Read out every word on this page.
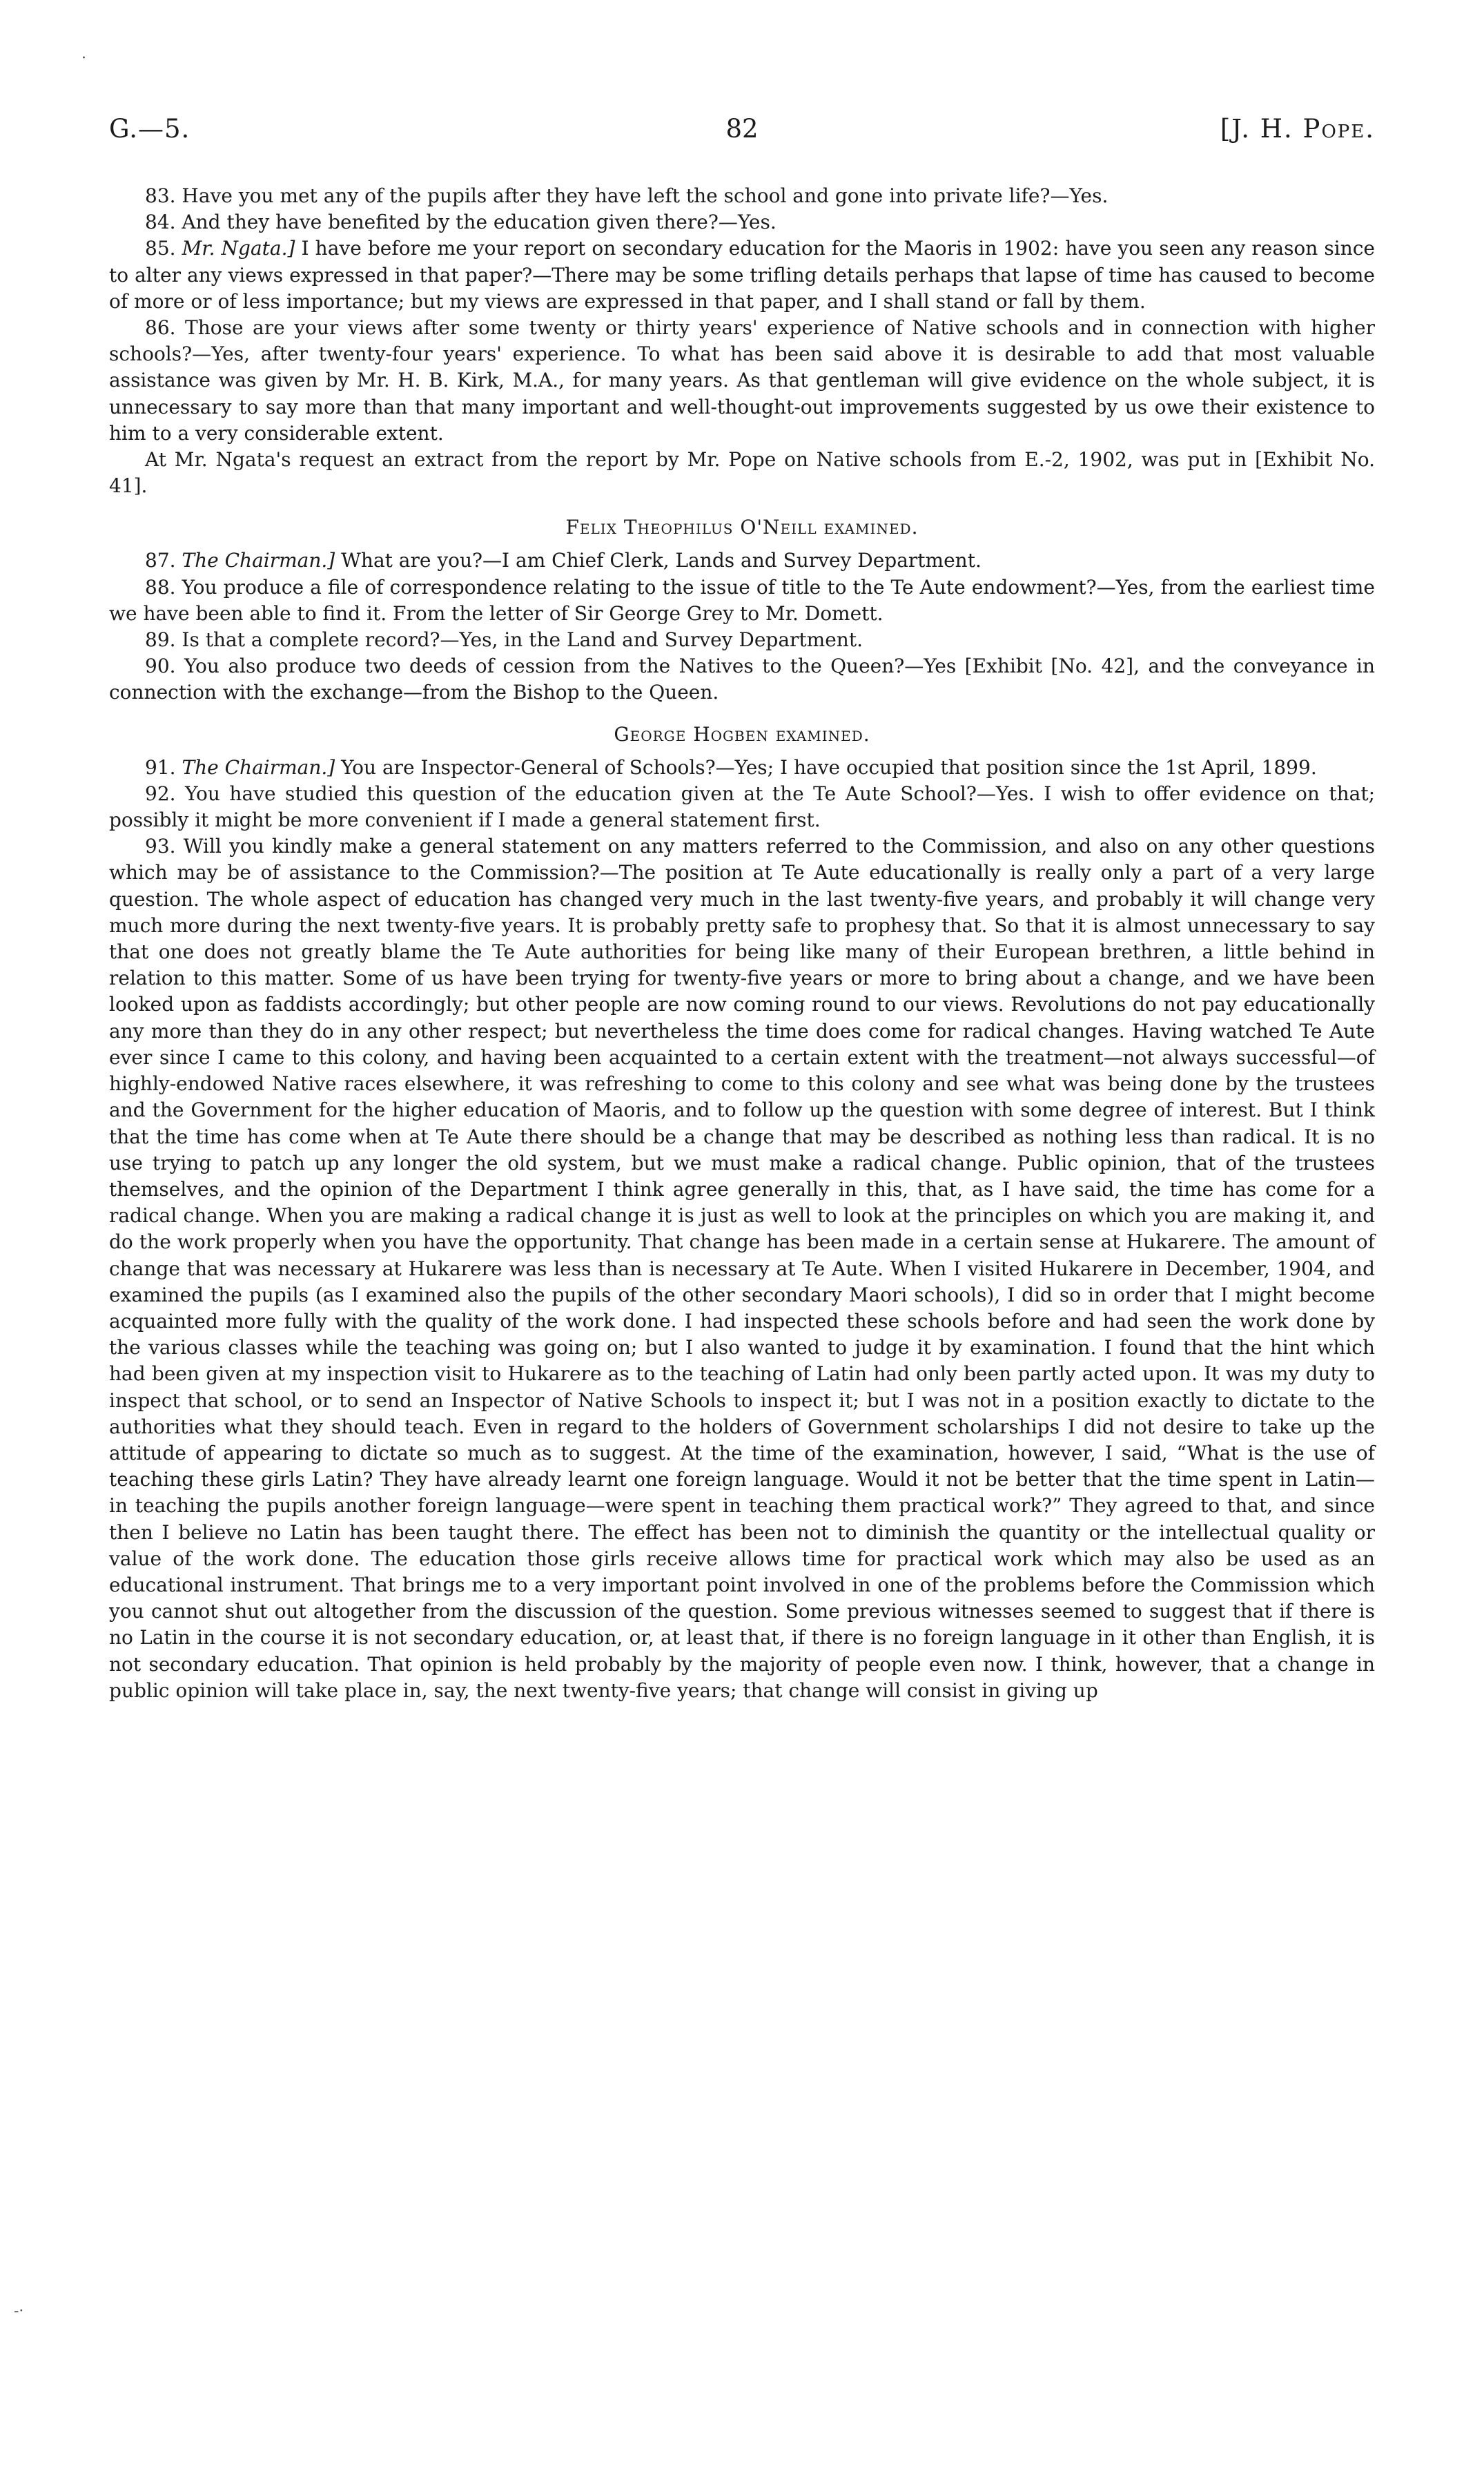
·
G.—5.	82	[J. H. Pope.

83. Have you met any of the pupils after they have left the school and gone into private life?—Yes.

84. And they have benefited by the education given there?—Yes.

85. Mr. Ngata.] I have before me your report on secondary education for the Maoris in 1902: have you seen any reason since to alter any views expressed in that paper?—There may be some trifling details perhaps that lapse of time has caused to become of more or of less importance; but my views are expressed in that paper, and I shall stand or fall by them.

86. Those are your views after some twenty or thirty years' experience of Native schools and in connection with higher schools?—Yes, after twenty-four years' experience. To what has been said above it is desirable to add that most valuable assistance was given by Mr. H. B. Kirk, M.A., for many years. As that gentleman will give evidence on the whole subject, it is unnecessary to say more than that many important and well-thought-out improvements suggested by us owe their existence to him to a very considerable extent.

At Mr. Ngata's request an extract from the report by Mr. Pope on Native schools from E.-2, 1902, was put in [Exhibit No. 41].

Felix Theophilus O'Neill examined.

87. The Chairman.] What are you?—I am Chief Clerk, Lands and Survey Department.

88. You produce a file of correspondence relating to the issue of title to the Te Aute endowment?—Yes, from the earliest time we have been able to find it. From the letter of Sir George Grey to Mr. Domett.

89. Is that a complete record?—Yes, in the Land and Survey Department.

90. You also produce two deeds of cession from the Natives to the Queen?—Yes [Exhibit [No. 42], and the conveyance in connection with the exchange—from the Bishop to the Queen.

George Hogben examined.

91. The Chairman.] You are Inspector-General of Schools?—Yes; I have occupied that position since the 1st April, 1899.

92. You have studied this question of the education given at the Te Aute School?—Yes. I wish to offer evidence on that; possibly it might be more convenient if I made a general statement first.

93. Will you kindly make a general statement on any matters referred to the Commission, and also on any other questions which may be of assistance to the Commission?—The position at Te Aute educationally is really only a part of a very large question. The whole aspect of education has changed very much in the last twenty-five years, and probably it will change very much more during the next twenty-five years. It is probably pretty safe to prophesy that. So that it is almost unnecessary to say that one does not greatly blame the Te Aute authorities for being like many of their European brethren, a little behind in relation to this matter. Some of us have been trying for twenty-five years or more to bring about a change, and we have been looked upon as faddists accordingly; but other people are now coming round to our views. Revolutions do not pay educationally any more than they do in any other respect; but nevertheless the time does come for radical changes. Having watched Te Aute ever since I came to this colony, and having been acquainted to a certain extent with the treatment—not always successful—of highly-endowed Native races elsewhere, it was refreshing to come to this colony and see what was being done by the trustees and the Government for the higher education of Maoris, and to follow up the question with some degree of interest. But I think that the time has come when at Te Aute there should be a change that may be described as nothing less than radical. It is no use trying to patch up any longer the old system, but we must make a radical change. Public opinion, that of the trustees themselves, and the opinion of the Department I think agree generally in this, that, as I have said, the time has come for a radical change. When you are making a radical change it is just as well to look at the principles on which you are making it, and do the work properly when you have the opportunity. That change has been made in a certain sense at Hukarere. The amount of change that was necessary at Hukarere was less than is necessary at Te Aute. When I visited Hukarere in December, 1904, and examined the pupils (as I examined also the pupils of the other secondary Maori schools), I did so in order that I might become acquainted more fully with the quality of the work done. I had inspected these schools before and had seen the work done by the various classes while the teaching was going on; but I also wanted to judge it by examination. I found that the hint which had been given at my inspection visit to Hukarere as to the teaching of Latin had only been partly acted upon. It was my duty to inspect that school, or to send an Inspector of Native Schools to inspect it; but I was not in a position exactly to dictate to the authorities what they should teach. Even in regard to the holders of Government scholarships I did not desire to take up the attitude of appearing to dictate so much as to suggest. At the time of the examination, however, I said, “What is the use of teaching these girls Latin? They have already learnt one foreign language. Would it not be better that the time spent in Latin—in teaching the pupils another foreign language—were spent in teaching them practical work?” They agreed to that, and since then I believe no Latin has been taught there. The effect has been not to diminish the quantity or the intellectual quality or value of the work done. The education those girls receive allows time for practical work which may also be used as an educational instrument. That brings me to a very important point involved in one of the problems before the Commission which you cannot shut out altogether from the discussion of the question. Some previous witnesses seemed to suggest that if there is no Latin in the course it is not secondary education, or, at least that, if there is no foreign language in it other than English, it is not secondary education. That opinion is held probably by the majority of people even now. I think, however, that a change in public opinion will take place in, say, the next twenty-five years; that change will consist in giving up

-·
